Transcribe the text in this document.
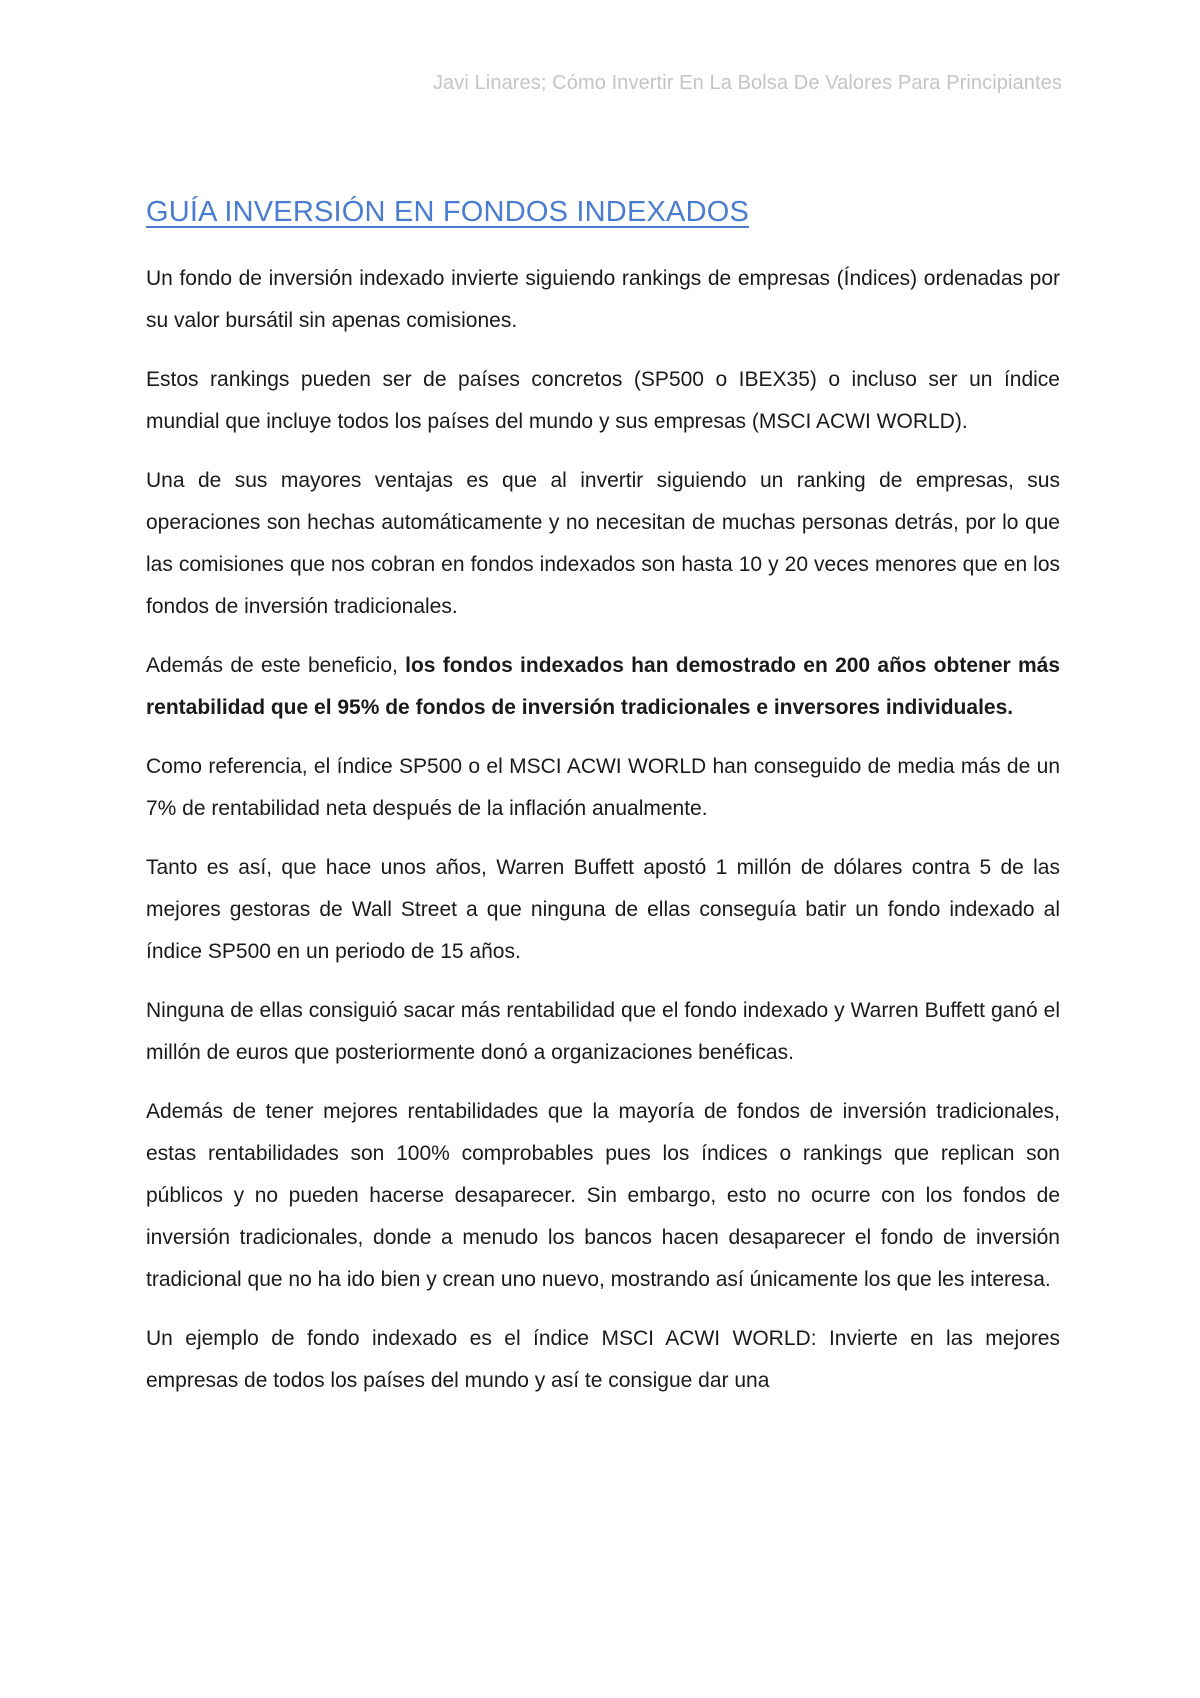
Javi Linares; Cómo Invertir En La Bolsa De Valores Para Principiantes
GUÍA INVERSIÓN EN FONDOS INDEXADOS

Un fondo de inversión indexado invierte siguiendo rankings de empresas (Índices) ordenadas por su valor bursátil sin apenas comisiones.

Estos rankings pueden ser de países concretos (SP500 o IBEX35) o incluso ser un índice mundial que incluye todos los países del mundo y sus empresas (MSCI ACWI WORLD).

Una de sus mayores ventajas es que al invertir siguiendo un ranking de empresas, sus operaciones son hechas automáticamente y no necesitan de muchas personas detrás, por lo que las comisiones que nos cobran en fondos indexados son hasta 10 y 20 veces menores que en los fondos de inversión tradicionales.

Además de este beneficio, los fondos indexados han demostrado en 200 años obtener más rentabilidad que el 95% de fondos de inversión tradicionales e inversores individuales.

Como referencia, el índice SP500 o el MSCI ACWI WORLD han conseguido de media más de un 7% de rentabilidad neta después de la inflación anualmente.

Tanto es así, que hace unos años, Warren Buffett apostó 1 millón de dólares contra 5 de las mejores gestoras de Wall Street a que ninguna de ellas conseguía batir un fondo indexado al índice SP500 en un periodo de 15 años.

Ninguna de ellas consiguió sacar más rentabilidad que el fondo indexado y Warren Buffett ganó el millón de euros que posteriormente donó a organizaciones benéficas.

Además de tener mejores rentabilidades que la mayoría de fondos de inversión tradicionales, estas rentabilidades son 100% comprobables pues los índices o rankings que replican son públicos y no pueden hacerse desaparecer. Sin embargo, esto no ocurre con los fondos de inversión tradicionales, donde a menudo los bancos hacen desaparecer el fondo de inversión tradicional que no ha ido bien y crean uno nuevo, mostrando así únicamente los que les interesa.

Un ejemplo de fondo indexado es el índice MSCI ACWI WORLD: Invierte en las mejores empresas de todos los países del mundo y así te consigue dar una
